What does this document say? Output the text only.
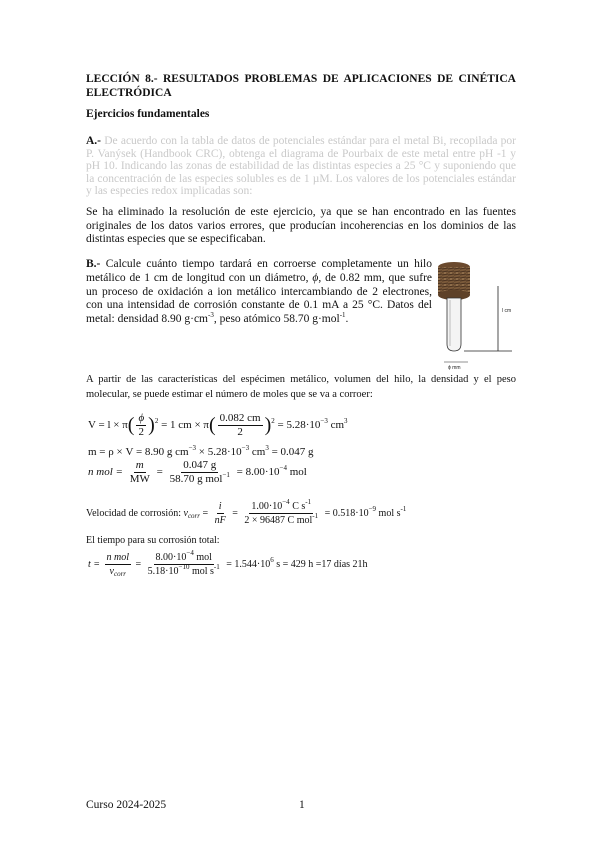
LECCIÓN 8.- RESULTADOS PROBLEMAS DE APLICACIONES DE CINÉTICA ELECTRÓDICA
Ejercicios fundamentales
A.- De acuerdo con la tabla de datos de potenciales estándar para el metal Bi, recopilada por P. Vanýsek (Handbook CRC), obtenga el diagrama de Pourbaix de este metal entre pH -1 y pH 10. Indicando las zonas de estabilidad de las distintas especies a 25 °C y suponiendo que la concentración de las especies solubles es de 1 µM. Los valores de los potenciales estándar y las especies redox implicadas son:
Se ha eliminado la resolución de este ejercicio, ya que se han encontrado en las fuentes originales de los datos varios errores, que producían incoherencias en los dominios de las distintas especies que se especificaban.
B.- Calcule cuánto tiempo tardará en corroerse completamente un hilo metálico de 1 cm de longitud con un diámetro, ϕ, de 0.82 mm, que sufre un proceso de oxidación a ion metálico intercambiando de 2 electrones, con una intensidad de corrosión constante de 0.1 mA a 25 °C. Datos del metal: densidad 8.90 $g\cdot cm^{-3}$, peso atómico 58.70 g·mol$^{-1}$.
l cm
ϕ mm
A partir de las características del espécimen metálico, volumen del hilo, la densidad y el peso molecular, se puede estimar el número de moles que se va a corroer:
$V = l \times \pi( \frac{\phi}{2} )^2 = 1$ cm × $\pi( \frac{0.082 cm}{2} )^2 = 5.28\cdot 10^{-3}$ $cm^3$
m = ρ × V = 8.90 g $cm^{-3} \times 5.28\cdot 10^{-3}$ $cm^3 = 0.047$ g
n mol = $\frac{m}{MW} = \frac{0.047 g}{58.70 g mol^{-1}} = 8.00\cdot 10^{-4}$ mol
Velocidad de corrosión: $v_{corr} = \frac{i}{nF} = \frac{1.00\cdot 10^{-4} C s^{-1}}{2 \times 96487 C mol^{-1}} = 0.518\cdot 10^{-9}$ mol $s^{-1}$
El tiempo para su corrosión total:
$t = \frac{\text{n mol}}{v_{corr}} = \frac{8.00\cdot 10^{-4} mol}{5.18\cdot 10^{-10} mol s^{-1}} = 1.544\cdot 10^6$ s = 429 h =17 días 21h
Curso 2024-2025	1
